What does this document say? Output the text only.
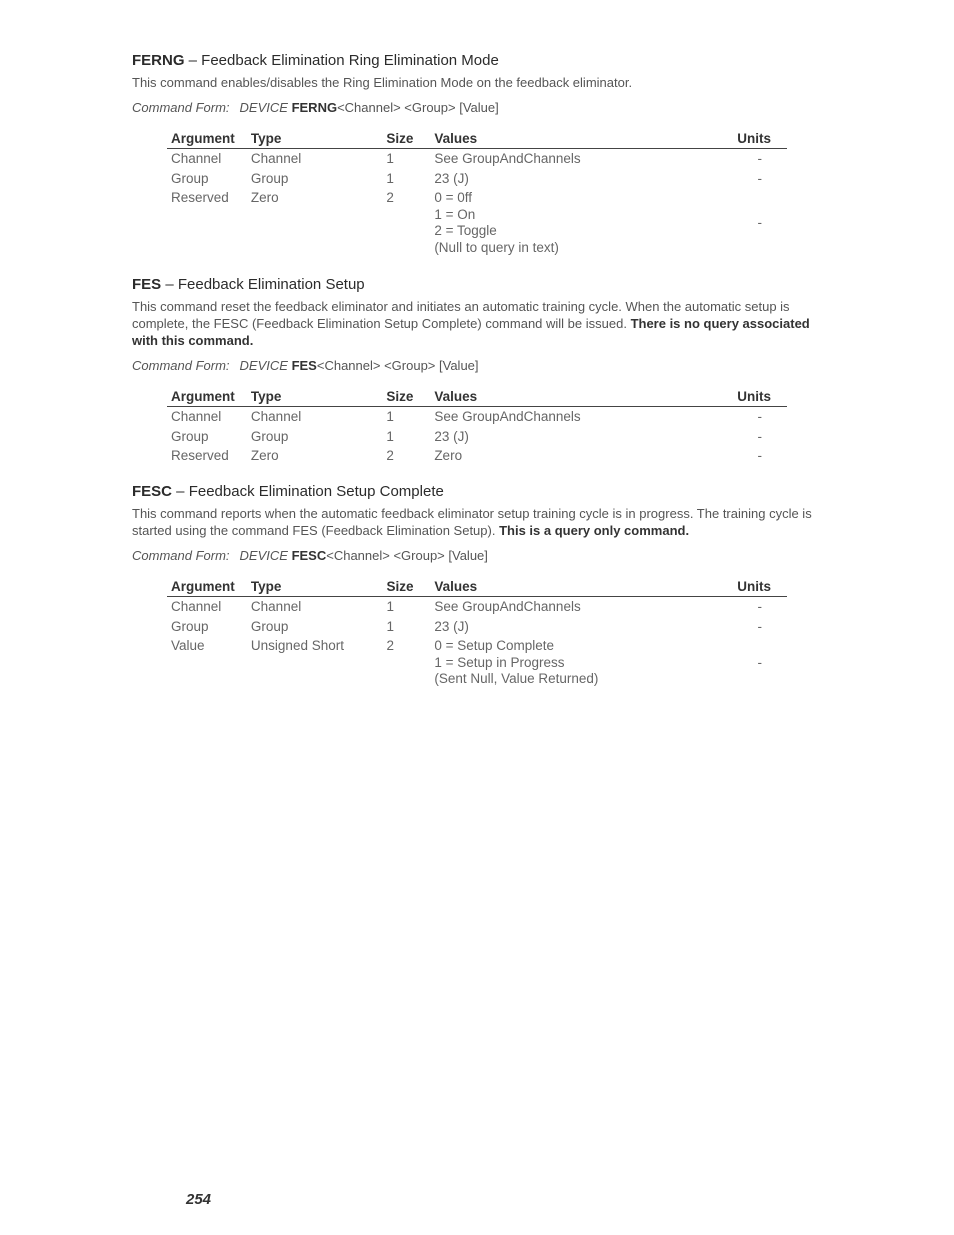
FERNG – Feedback Elimination Ring Elimination Mode

This command enables/disables the Ring Elimination Mode on the feedback eliminator.

Command Form: DEVICE FERNG<Channel> <Group> [Value]

Argument	Type	Size	Values	Units
Channel	Channel	1	See GroupAndChannels	-
Group	Group	1	23 (J)	-
Reserved	Zero	2	0 = 0ff
1 = On
2 = Toggle
(Null to query in text)	-
FES – Feedback Elimination Setup

This command reset the feedback eliminator and initiates an automatic training cycle. When the automatic setup is complete, the FESC (Feedback Elimination Setup Complete) command will be issued. There is no query associated with this command.

Command Form: DEVICE FES<Channel> <Group> [Value]

Argument	Type	Size	Values	Units
Channel	Channel	1	See GroupAndChannels	-
Group	Group	1	23 (J)	-
Reserved	Zero	2	Zero	-
FESC – Feedback Elimination Setup Complete

This command reports when the automatic feedback eliminator setup training cycle is in progress. The training cycle is started using the command FES (Feedback Elimination Setup). This is a query only command.

Command Form: DEVICE FESC<Channel> <Group> [Value]

Argument	Type	Size	Values	Units
Channel	Channel	1	See GroupAndChannels	-
Group	Group	1	23 (J)	-
Value	Unsigned Short	2	0 = Setup Complete
1 = Setup in Progress
(Sent Null, Value Returned)	-
254
